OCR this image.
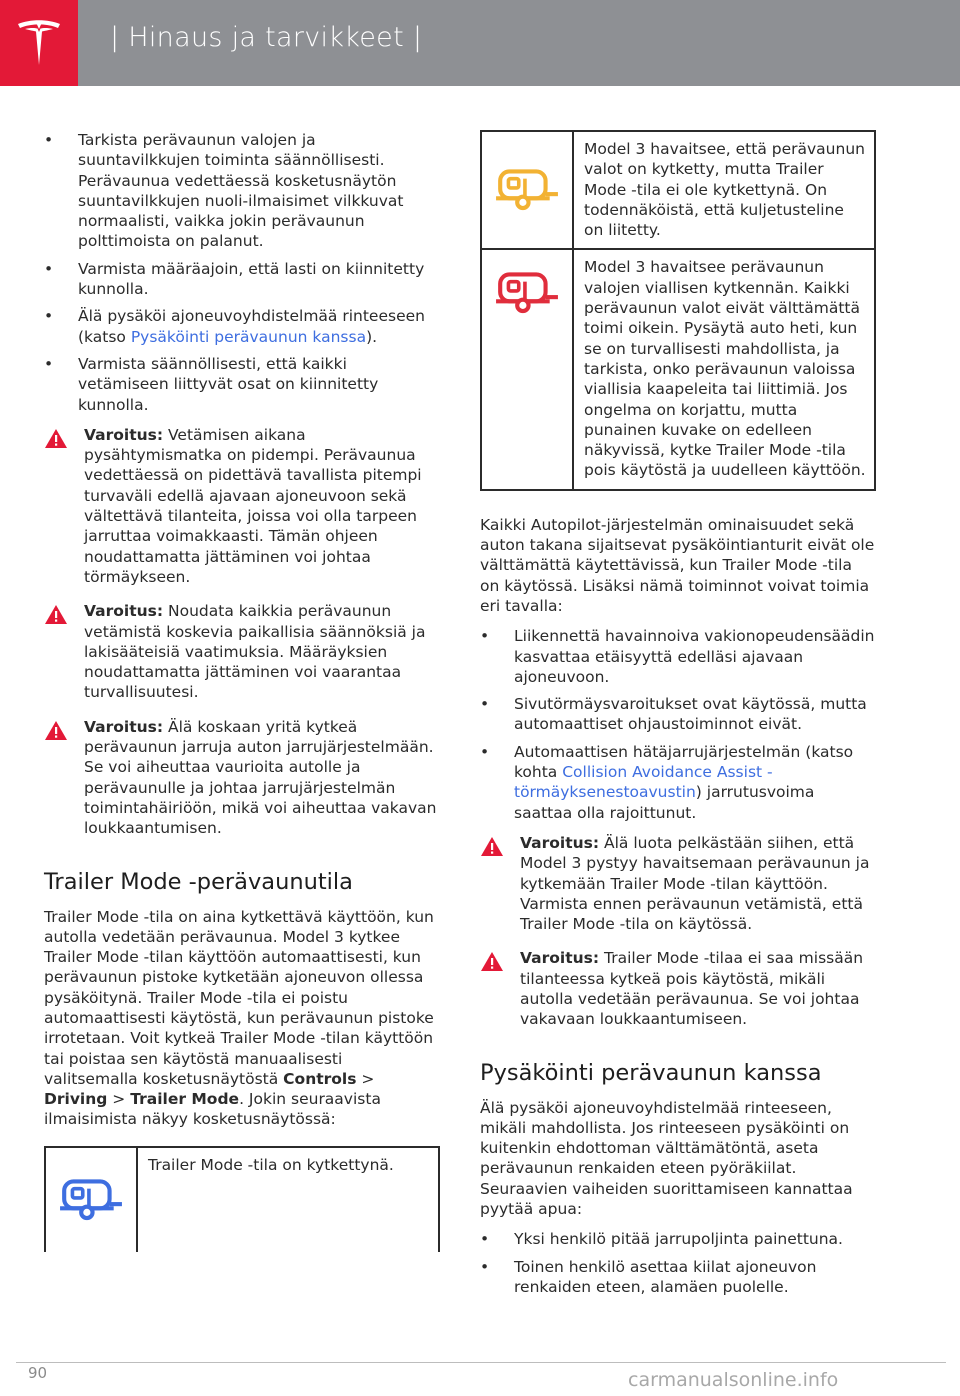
| Hinaus ja tarvikkeet |
• Tarkista perävaunun valojen ja suuntavilkkujen toiminta säännöllisesti. Perävaunua vedettäessä kosketusnäytön suuntavilkkujen nuoli-ilmaisimet vilkkuvat normaalisti, vaikka jokin perävaunun polttimoista on palanut.
• Varmista määräajoin, että lasti on kiinnitetty kunnolla.
• Älä pysäköi ajoneuvoyhdistelmää rinteeseen (katso Pysäköinti perävaunun kanssa).
• Varmista säännöllisesti, että kaikki vetämiseen liittyvät osat on kiinnitetty kunnolla.
Varoitus: Vetämisen aikana pysähtymismatka on pidempi. Perävaunua vedettäessä on pidettävä tavallista pitempi turvaväli edellä ajavaan ajoneuvoon sekä vältettävä tilanteita, joissa voi olla tarpeen jarruttaa voimakkaasti. Tämän ohjeen noudattamatta jättäminen voi johtaa törmäykseen.
Varoitus: Noudata kaikkia perävaunun vetämistä koskevia paikallisia säännöksiä ja lakisääteisiä vaatimuksia. Määräyksien noudattamatta jättäminen voi vaarantaa turvallisuutesi.
Varoitus: Älä koskaan yritä kytkeä perävaunun jarruja auton jarrujärjestelmään. Se voi aiheuttaa vaurioita autolle ja perävaunulle ja johtaa jarrujärjestelmän toimintahäiriöön, mikä voi aiheuttaa vakavan loukkaantumisen.
Trailer Mode -perävaunutila

Trailer Mode -tila on aina kytkettävä käyttöön, kun autolla vedetään perävaunua. Model 3 kytkee Trailer Mode -tilan käyttöön automaattisesti, kun perävaunun pistoke kytketään ajoneuvon ollessa pysäköitynä. Trailer Mode -tila ei poistu automaattisesti käytöstä, kun perävaunun pistoke irrotetaan. Voit kytkeä Trailer Mode -tilan käyttöön tai poistaa sen käytöstä manuaalisesti valitsemalla kosketusnäytöstä Controls > Driving > Trailer Mode. Jokin seuraavista ilmaisimista näkyy kosketusnäytössä:

Trailer Mode -tila on kytkettynä.
Model 3 havaitsee, että perävaunun valot on kytketty, mutta Trailer Mode -tila ei ole kytkettynä. On todennäköistä, että kuljetusteline on liitetty.
Model 3 havaitsee perävaunun valojen viallisen kytkennän. Kaikki perävaunun valot eivät välttämättä toimi oikein. Pysäytä auto heti, kun se on turvallisesti mahdollista, ja tarkista, onko perävaunun valoissa viallisia kaapeleita tai liittimiä. Jos ongelma on korjattu, mutta punainen kuvake on edelleen näkyvissä, kytke Trailer Mode -tila pois käytöstä ja uudelleen käyttöön.

Kaikki Autopilot-järjestelmän ominaisuudet sekä auton takana sijaitsevat pysäköintianturit eivät ole välttämättä käytettävissä, kun Trailer Mode -tila on käytössä. Lisäksi nämä toiminnot voivat toimia eri tavalla:

• Liikennettä havainnoiva vakionopeudensäädin kasvattaa etäisyyttä edelläsi ajavaan ajoneuvoon.
• Sivutörmäysvaroitukset ovat käytössä, mutta automaattiset ohjaustoiminnot eivät.
• Automaattisen hätäjarrujärjestelmän (katso kohta Collision Avoidance Assist - törmäyksenestoavustin) jarrutusvoima saattaa olla rajoittunut.
Varoitus: Älä luota pelkästään siihen, että Model 3 pystyy havaitsemaan perävaunun ja kytkemään Trailer Mode -tilan käyttöön. Varmista ennen perävaunun vetämistä, että Trailer Mode -tila on käytössä.
Varoitus: Trailer Mode -tilaa ei saa missään tilanteessa kytkeä pois käytöstä, mikäli autolla vedetään perävaunua. Se voi johtaa vakavaan loukkaantumiseen.
Pysäköinti perävaunun kanssa

Älä pysäköi ajoneuvoyhdistelmää rinteeseen, mikäli mahdollista. Jos rinteeseen pysäköinti on kuitenkin ehdottoman välttämätöntä, aseta perävaunun renkaiden eteen pyöräkiilat. Seuraavien vaiheiden suorittamiseen kannattaa pyytää apua:

• Yksi henkilö pitää jarrupoljinta painettuna.
• Toinen henkilö asettaa kiilat ajoneuvon renkaiden eteen, alamäen puolelle.
90	carmanualsonline.info
